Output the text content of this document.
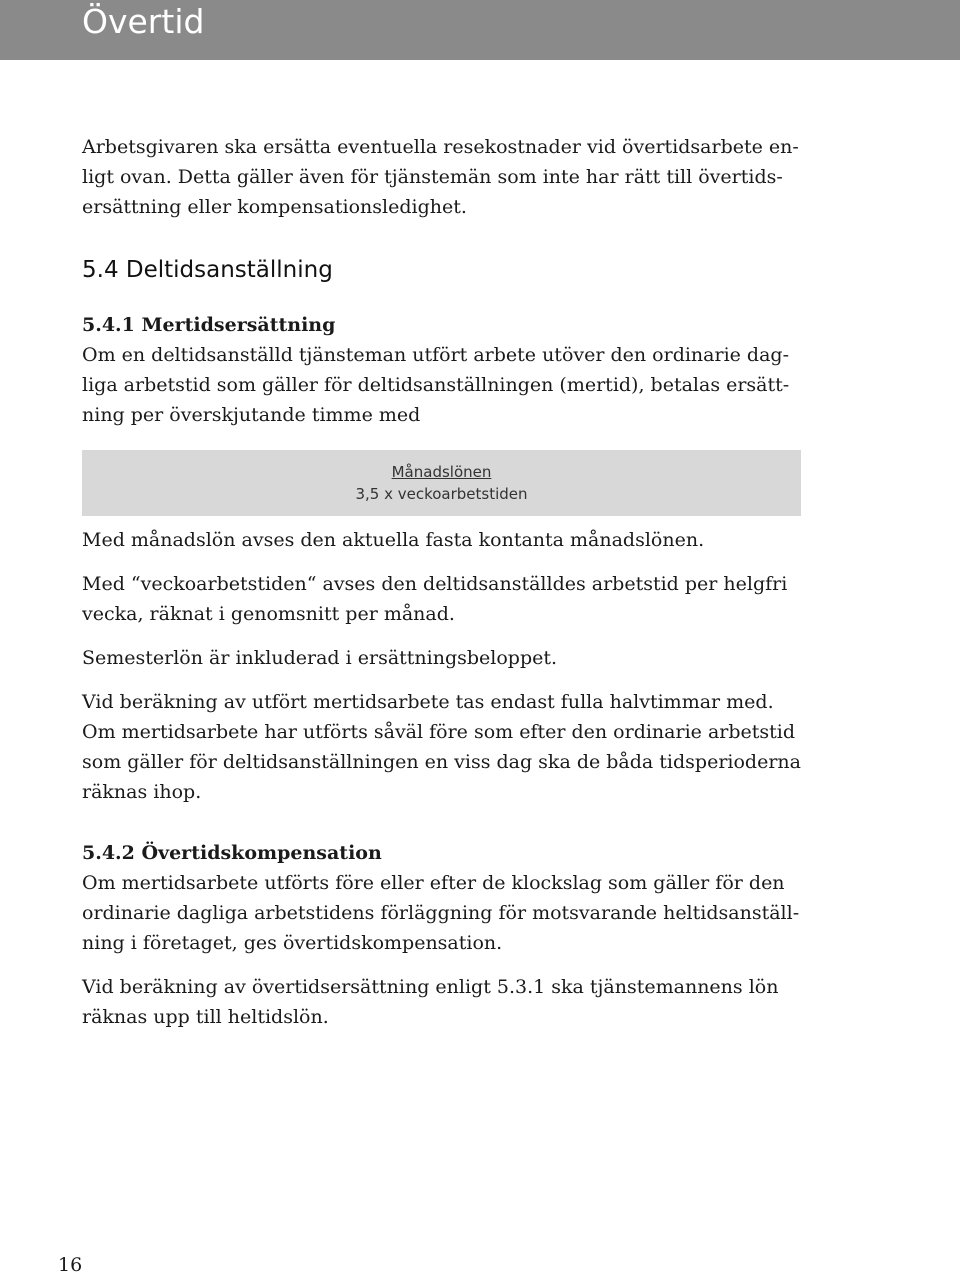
Övertid

Arbetsgivaren ska ersätta eventuella resekostnader vid övertidsarbete en-
ligt ovan. Detta gäller även för tjänstemän som inte har rätt till övertids-
ersättning eller kompensationsledighet.

5.4 Deltidsanställning
5.4.1 Mertidsersättning

Om en deltidsanställd tjänsteman utfört arbete utöver den ordinarie dag-
liga arbetstid som gäller för deltidsanställningen (mertid), betalas ersätt-
ning per överskjutande timme med

Månadslönen
3,5 x veckoarbetstiden

Med månadslön avses den aktuella fasta kontanta månadslönen.

Med “veckoarbetstiden“ avses den deltidsanställdes arbetstid per helgfri
vecka, räknat i genomsnitt per månad.

Semesterlön är inkluderad i ersättningsbeloppet.

Vid beräkning av utfört mertidsarbete tas endast fulla halvtimmar med.
Om mertidsarbete har utförts såväl före som efter den ordinarie arbetstid
som gäller för deltidsanställningen en viss dag ska de båda tidsperioderna
räknas ihop.

5.4.2 Övertidskompensation

Om mertidsarbete utförts före eller efter de klockslag som gäller för den
ordinarie dagliga arbetstidens förläggning för motsvarande heltidsanställ-
ning i företaget, ges övertidskompensation.

Vid beräkning av övertidsersättning enligt 5.3.1 ska tjänstemannens lön
räknas upp till heltidslön.

16
